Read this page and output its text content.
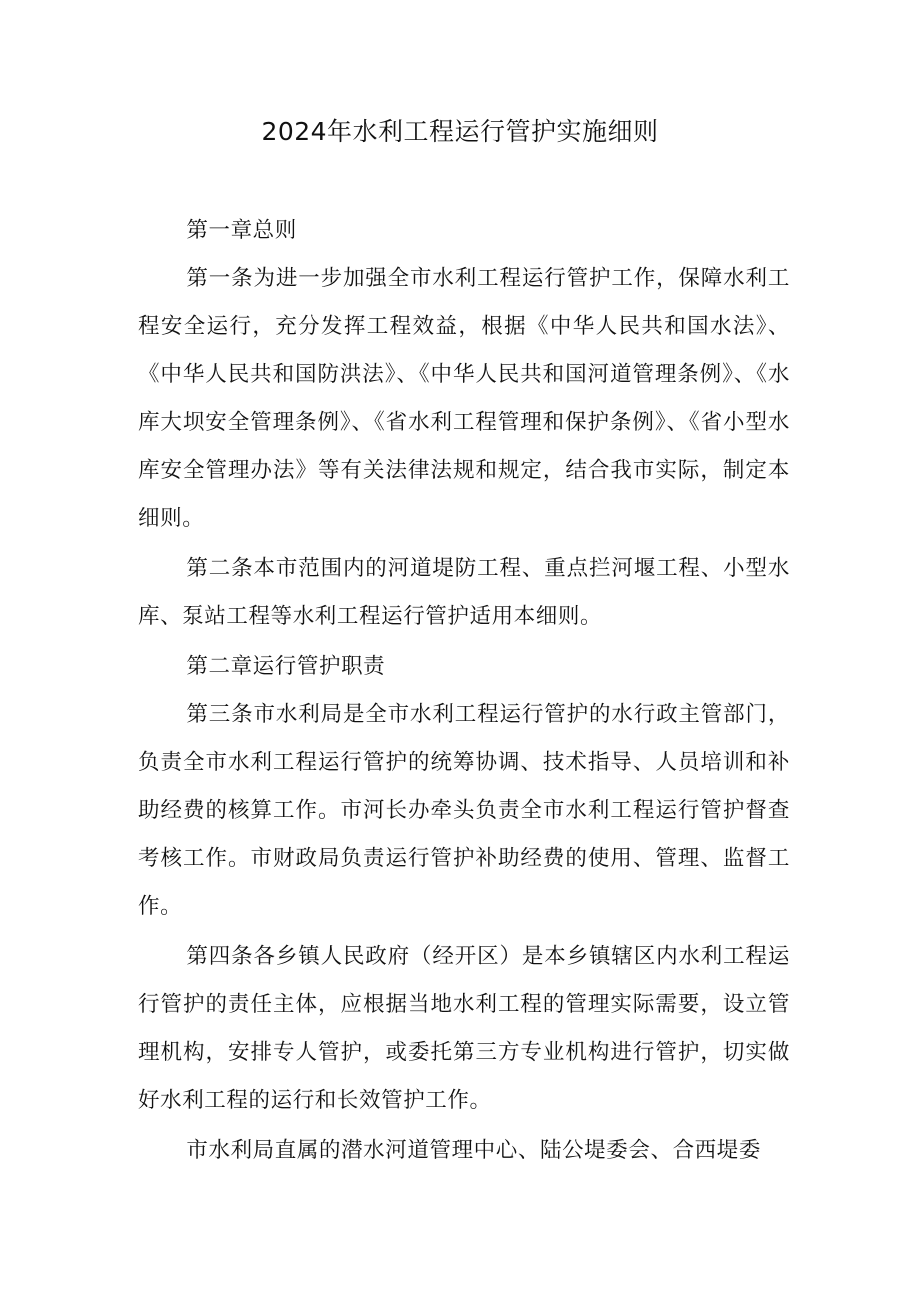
2024年水利工程运行管护实施细则

第一章总则

第一条为进一步加强全市水利工程运行管护工作，保障水利工程安全运行，充分发挥工程效益，根据《中华人民共和国水法》、《中华人民共和国防洪法》、《中华人民共和国河道管理条例》、《水库大坝安全管理条例》、《省水利工程管理和保护条例》、《省小型水库安全管理办法》等有关法律法规和规定，结合我市实际，制定本细则。

第二条本市范围内的河道堤防工程、重点拦河堰工程、小型水库、泵站工程等水利工程运行管护适用本细则。

第二章运行管护职责

第三条市水利局是全市水利工程运行管护的水行政主管部门，负责全市水利工程运行管护的统筹协调、技术指导、人员培训和补助经费的核算工作。市河长办牵头负责全市水利工程运行管护督查考核工作。市财政局负责运行管护补助经费的使用、管理、监督工作。

第四条各乡镇人民政府（经开区）是本乡镇辖区内水利工程运行管护的责任主体，应根据当地水利工程的管理实际需要，设立管理机构，安排专人管护，或委托第三方专业机构进行管护，切实做好水利工程的运行和长效管护工作。

市水利局直属的潜水河道管理中心、陆公堤委会、合西堤委
